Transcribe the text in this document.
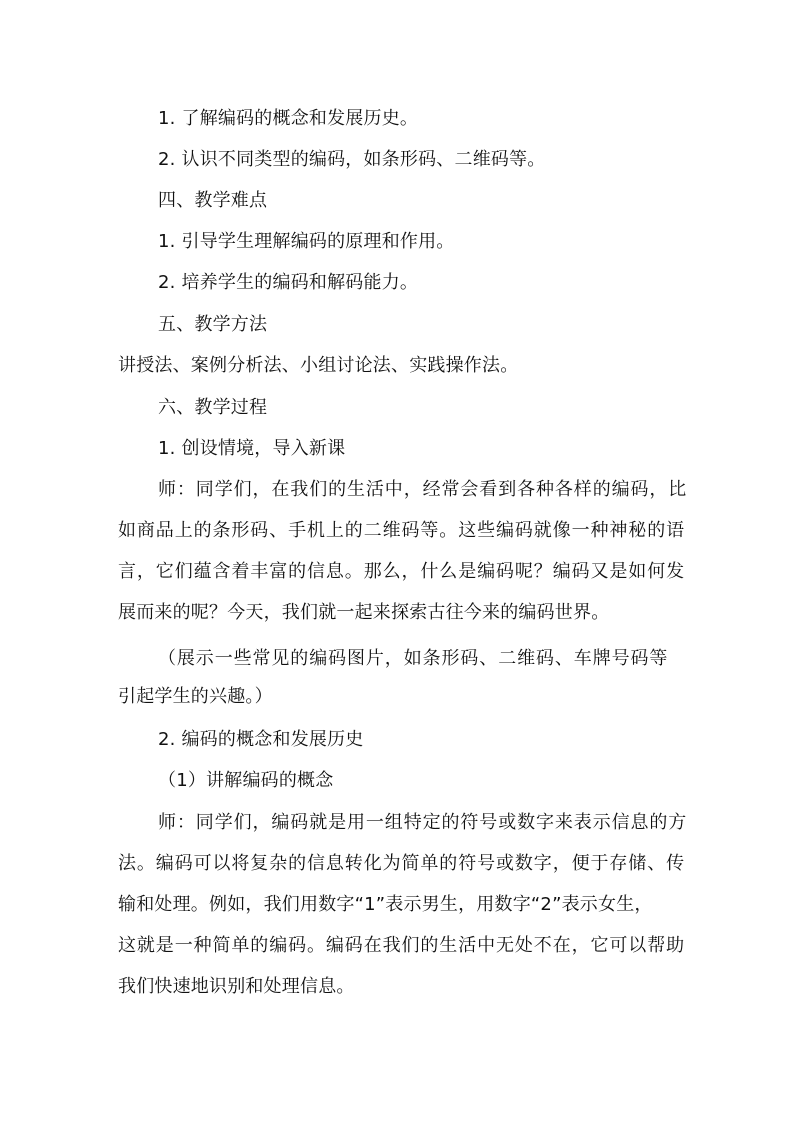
1. 了解编码的概念和发展历史。
2. 认识不同类型的编码，如条形码、二维码等。
四、教学难点
1. 引导学生理解编码的原理和作用。
2. 培养学生的编码和解码能力。
五、教学方法
讲授法、案例分析法、小组讨论法、实践操作法。
六、教学过程
1. 创设情境，导入新课
师：同学们，在我们的生活中，经常会看到各种各样的编码，比
如商品上的条形码、手机上的二维码等。这些编码就像一种神秘的语
言，它们蕴含着丰富的信息。那么，什么是编码呢？编码又是如何发
展而来的呢？今天，我们就一起来探索古往今来的编码世界。
（展示一些常见的编码图片，如条形码、二维码、车牌号码等
引起学生的兴趣。）
2. 编码的概念和发展历史
（1）讲解编码的概念
师：同学们，编码就是用一组特定的符号或数字来表示信息的方
法。编码可以将复杂的信息转化为简单的符号或数字，便于存储、传
输和处理。例如，我们用数字“1”表示男生，用数字“2”表示女生，
这就是一种简单的编码。编码在我们的生活中无处不在，它可以帮助
我们快速地识别和处理信息。
